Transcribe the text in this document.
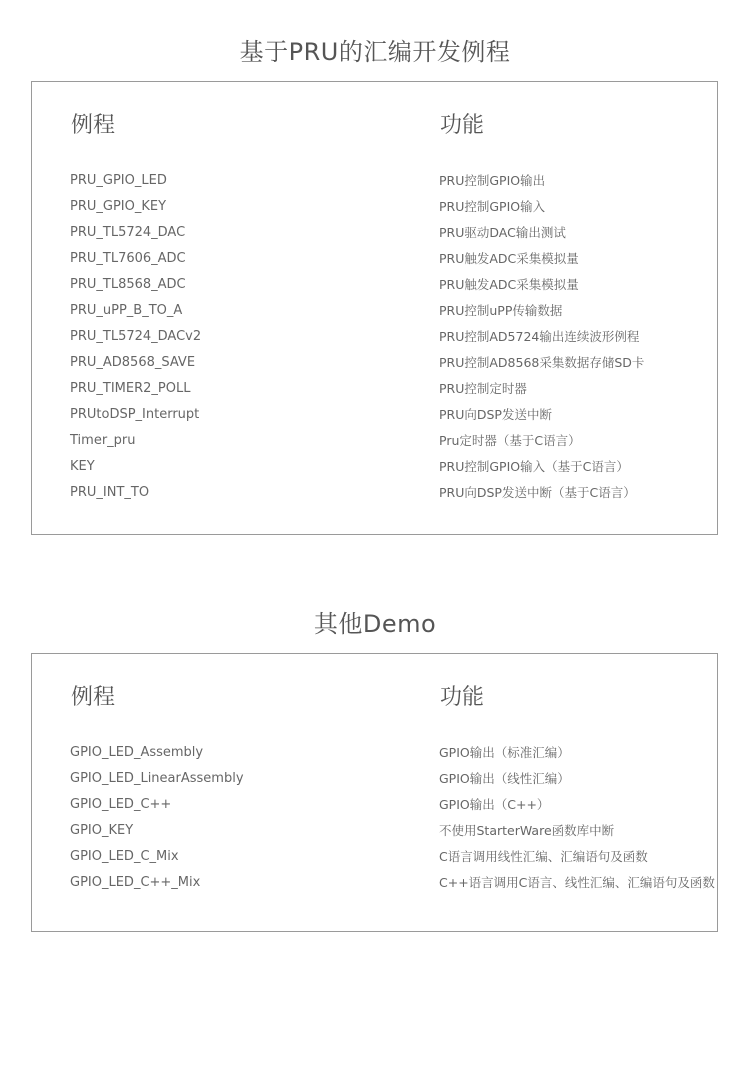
基于PRU的汇编开发例程
例程	功能
PRU_GPIO_LED	PRU控制GPIO输出
PRU_GPIO_KEY	PRU控制GPIO输入
PRU_TL5724_DAC	PRU驱动DAC输出测试
PRU_TL7606_ADC	PRU触发ADC采集模拟量
PRU_TL8568_ADC	PRU触发ADC采集模拟量
PRU_uPP_B_TO_A	PRU控制uPP传输数据
PRU_TL5724_DACv2	PRU控制AD5724输出连续波形例程
PRU_AD8568_SAVE	PRU控制AD8568采集数据存储SD卡
PRU_TIMER2_POLL	PRU控制定时器
PRUtoDSP_Interrupt	PRU向DSP发送中断
Timer_pru	Pru定时器（基于C语言）
KEY	PRU控制GPIO输入（基于C语言）
PRU_INT_TO	PRU向DSP发送中断（基于C语言）
其他Demo
例程	功能
GPIO_LED_Assembly	GPIO输出（标准汇编）
GPIO_LED_LinearAssembly	GPIO输出（线性汇编）
GPIO_LED_C++	GPIO输出（C++）
GPIO_KEY	不使用StarterWare函数库中断
GPIO_LED_C_Mix	C语言调用线性汇编、汇编语句及函数
GPIO_LED_C++_Mix	C++语言调用C语言、线性汇编、汇编语句及函数
